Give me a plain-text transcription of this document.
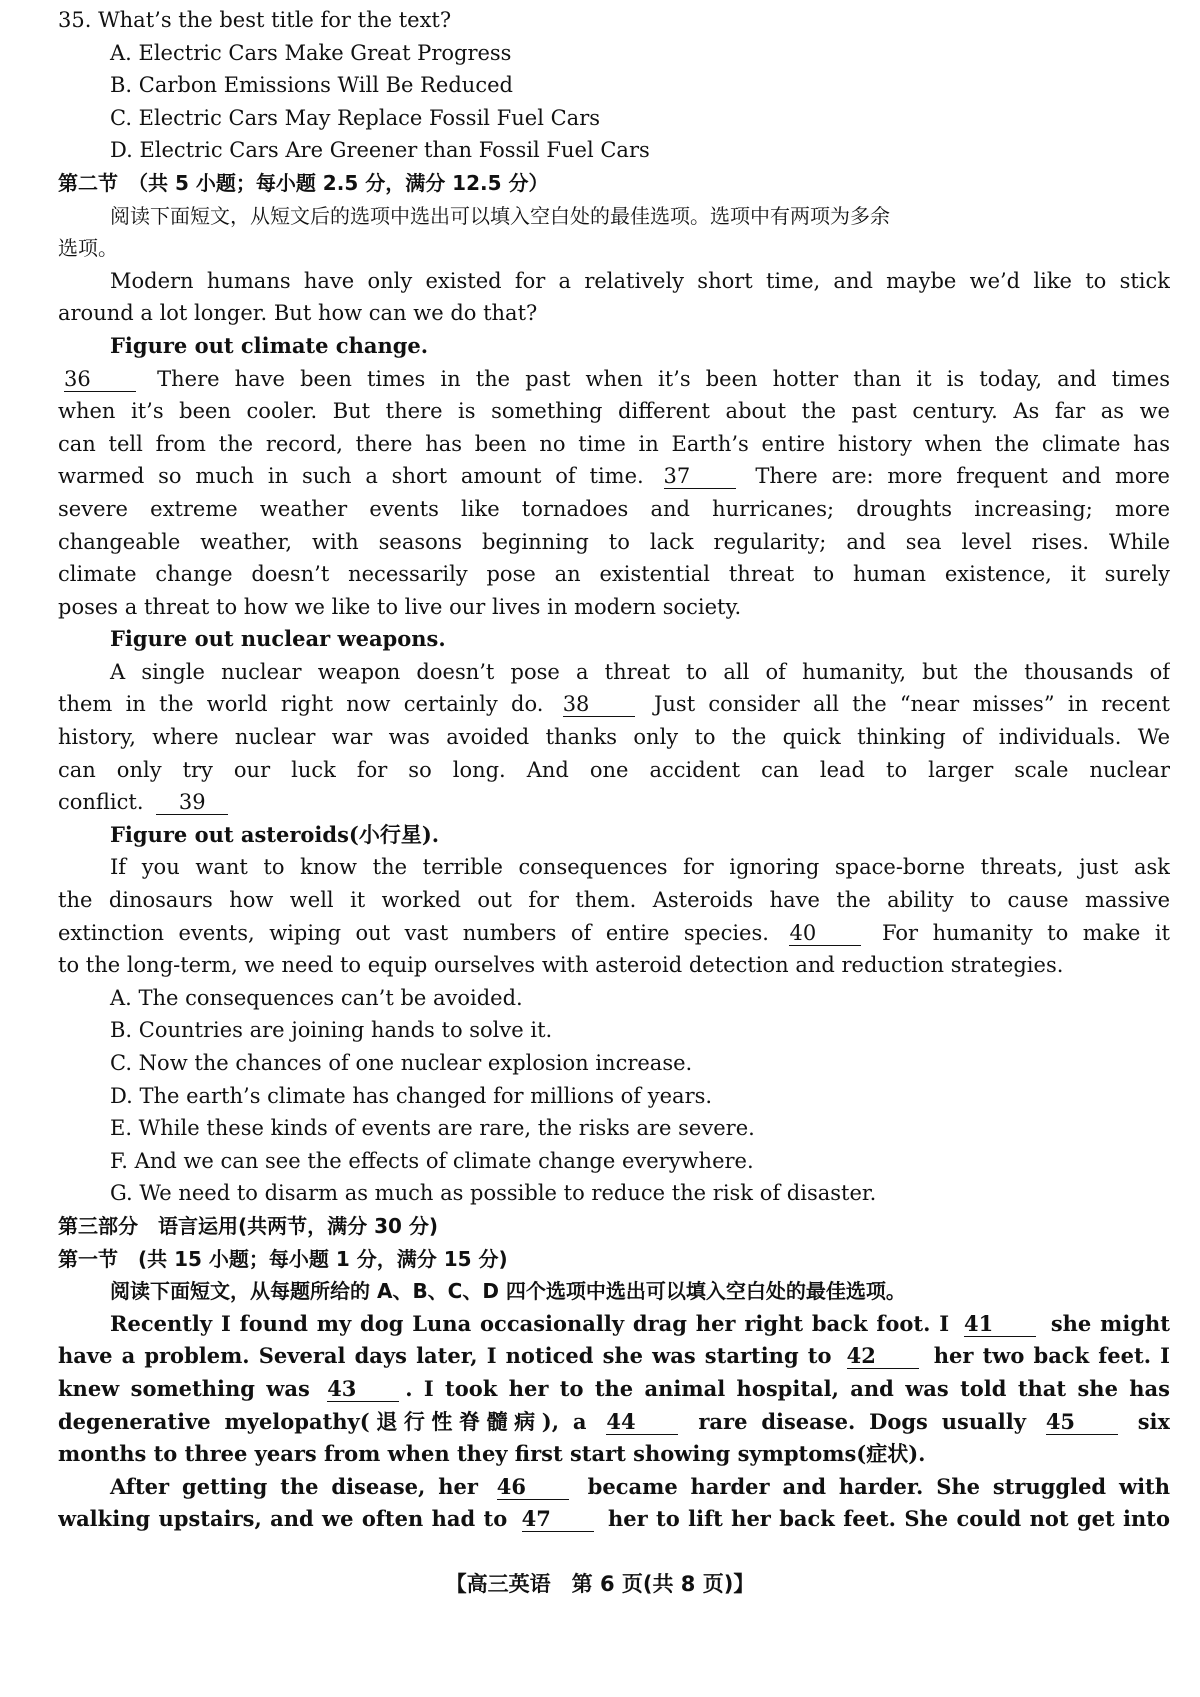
35. What’s the best title for the text?
A. Electric Cars Make Great Progress
B. Carbon Emissions Will Be Reduced
C. Electric Cars May Replace Fossil Fuel Cars
D. Electric Cars Are Greener than Fossil Fuel Cars
第二节　（共 5 小题；每小题 2.5 分，满分 12.5 分）
阅读下面短文，从短文后的选项中选出可以填入空白处的最佳选项。选项中有两项为多余
选项。
Modern humans have only existed for a relatively short time, and maybe we’d like to stick
around a lot longer. But how can we do that?
Figure out climate change.
36	There have been times in the past when it’s been hotter than it is today, and times
when it’s been cooler. But there is something different about the past century. As far as we
can tell from the record, there has been no time in Earth’s entire history when the climate has
warmed so much in such a short amount of time. 37	There are: more frequent and more
severe extreme weather events like tornadoes and hurricanes; droughts increasing; more
changeable weather, with seasons beginning to lack regularity; and sea level rises. While
climate change doesn’t necessarily pose an existential threat to human existence, it surely
poses a threat to how we like to live our lives in modern society.
Figure out nuclear weapons.
A single nuclear weapon doesn’t pose a threat to all of humanity, but the thousands of
them in the world right now certainly do. 38	Just consider all the “near misses” in recent
history, where nuclear war was avoided thanks only to the quick thinking of individuals. We
can only try our luck for so long. And one accident can lead to larger scale nuclear
conflict. 39
Figure out asteroids(小行星).
If you want to know the terrible consequences for ignoring space-borne threats, just ask
the dinosaurs how well it worked out for them. Asteroids have the ability to cause massive
extinction events, wiping out vast numbers of entire species. 40	For humanity to make it
to the long-term, we need to equip ourselves with asteroid detection and reduction strategies.
A. The consequences can’t be avoided.
B. Countries are joining hands to solve it.
C. Now the chances of one nuclear explosion increase.
D. The earth’s climate has changed for millions of years.
E. While these kinds of events are rare, the risks are severe.
F. And we can see the effects of climate change everywhere.
G. We need to disarm as much as possible to reduce the risk of disaster.
第三部分　语言运用(共两节，满分 30 分)
第一节　(共 15 小题；每小题 1 分，满分 15 分)
阅读下面短文，从每题所给的 A、B、C、D 四个选项中选出可以填入空白处的最佳选项。
Recently I found my dog Luna occasionally drag her right back foot. I 41	she might
have a problem. Several days later, I noticed she was starting to 42	her two back feet. I
knew something was 43 . I took her to the animal hospital, and was told that she has
degenerative myelopathy(退行性脊髓病), a 44	rare disease. Dogs usually 45	six
months to three years from when they first start showing symptoms(症状).
After getting the disease, her 46	became harder and harder. She struggled with
walking upstairs, and we often had to 47	her to lift her back feet. She could not get into
【高三英语　第 6 页(共 8 页)】
